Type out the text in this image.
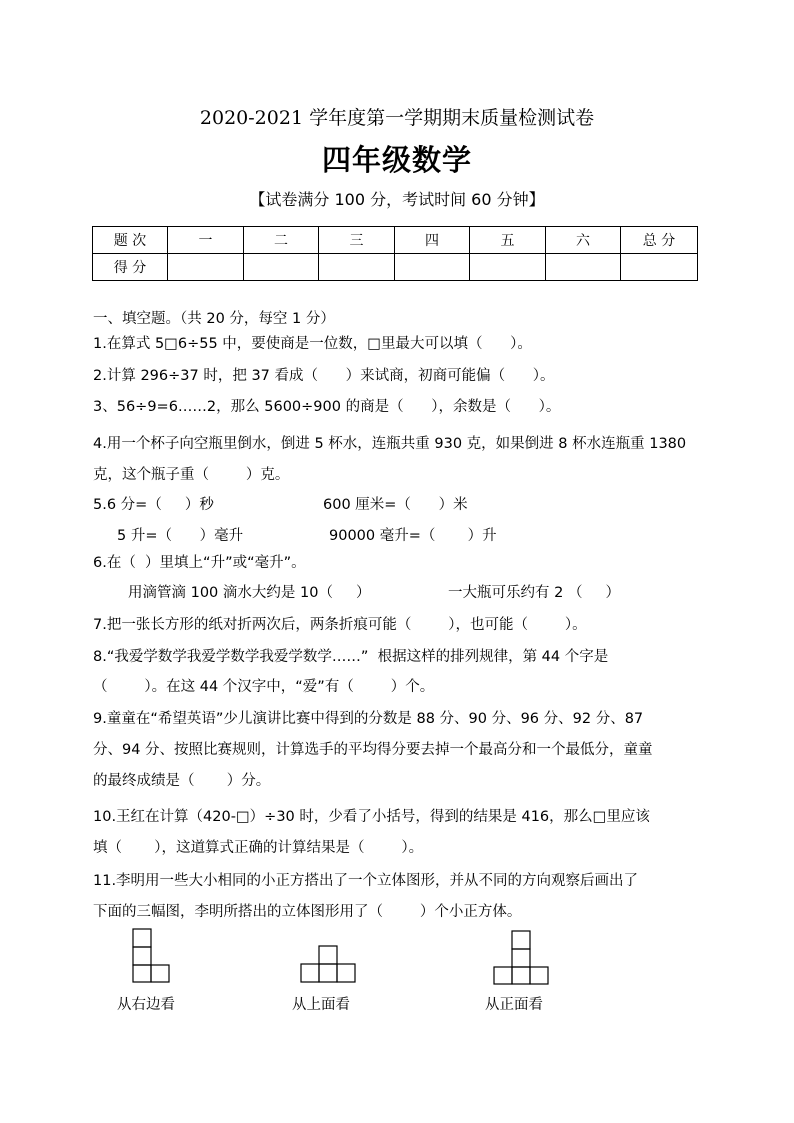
2020-2021 学年度第一学期期末质量检测试卷
四年级数学
【试卷满分 100 分，考试时间 60 分钟】
题 次	一	二	三	四	五	六	总 分
得 分							
一、填空题。（共 20 分，每空 1 分）
1.在算式 5□6÷55 中，要使商是一位数，□里最大可以填（      ）。
2.计算 296÷37 时，把 37 看成（      ）来试商，初商可能偏（      ）。
3、56÷9=6……2，那么 5600÷900 的商是（      ），余数是（      ）。
4.用一个杯子向空瓶里倒水，倒进 5 杯水，连瓶共重 930 克，如果倒进 8 杯水连瓶重 1380
克，这个瓶子重（        ）克。
5.6 分=（     ）秒	600 厘米=（      ）米
5 升=（      ）毫升	90000 毫升=（       ）升
6.在（  ）里填上“升”或“毫升”。
用滴管滴 100 滴水大约是 10（     ）	一大瓶可乐约有 2 （     ）
7.把一张长方形的纸对折两次后，两条折痕可能（        ），也可能（        ）。
8.“我爱学数学我爱学数学我爱学数学……”  根据这样的排列规律，第 44 个字是
（        ）。在这 44 个汉字中，“爱”有（        ）个。
9.童童在“希望英语”少儿演讲比赛中得到的分数是 88 分、90 分、96 分、92 分、87
分、94 分、按照比赛规则，计算选手的平均得分要去掉一个最高分和一个最低分，童童
的最终成绩是（       ）分。
10.王红在计算（420-□）÷30 时，少看了小括号，得到的结果是 416，那么□里应该
填（       ），这道算式正确的计算结果是（        ）。
11.李明用一些大小相同的小正方搭出了一个立体图形，并从不同的方向观察后画出了
下面的三幅图，李明所搭出的立体图形用了（        ）个小正方体。
从右边看	从上面看	从正面看
